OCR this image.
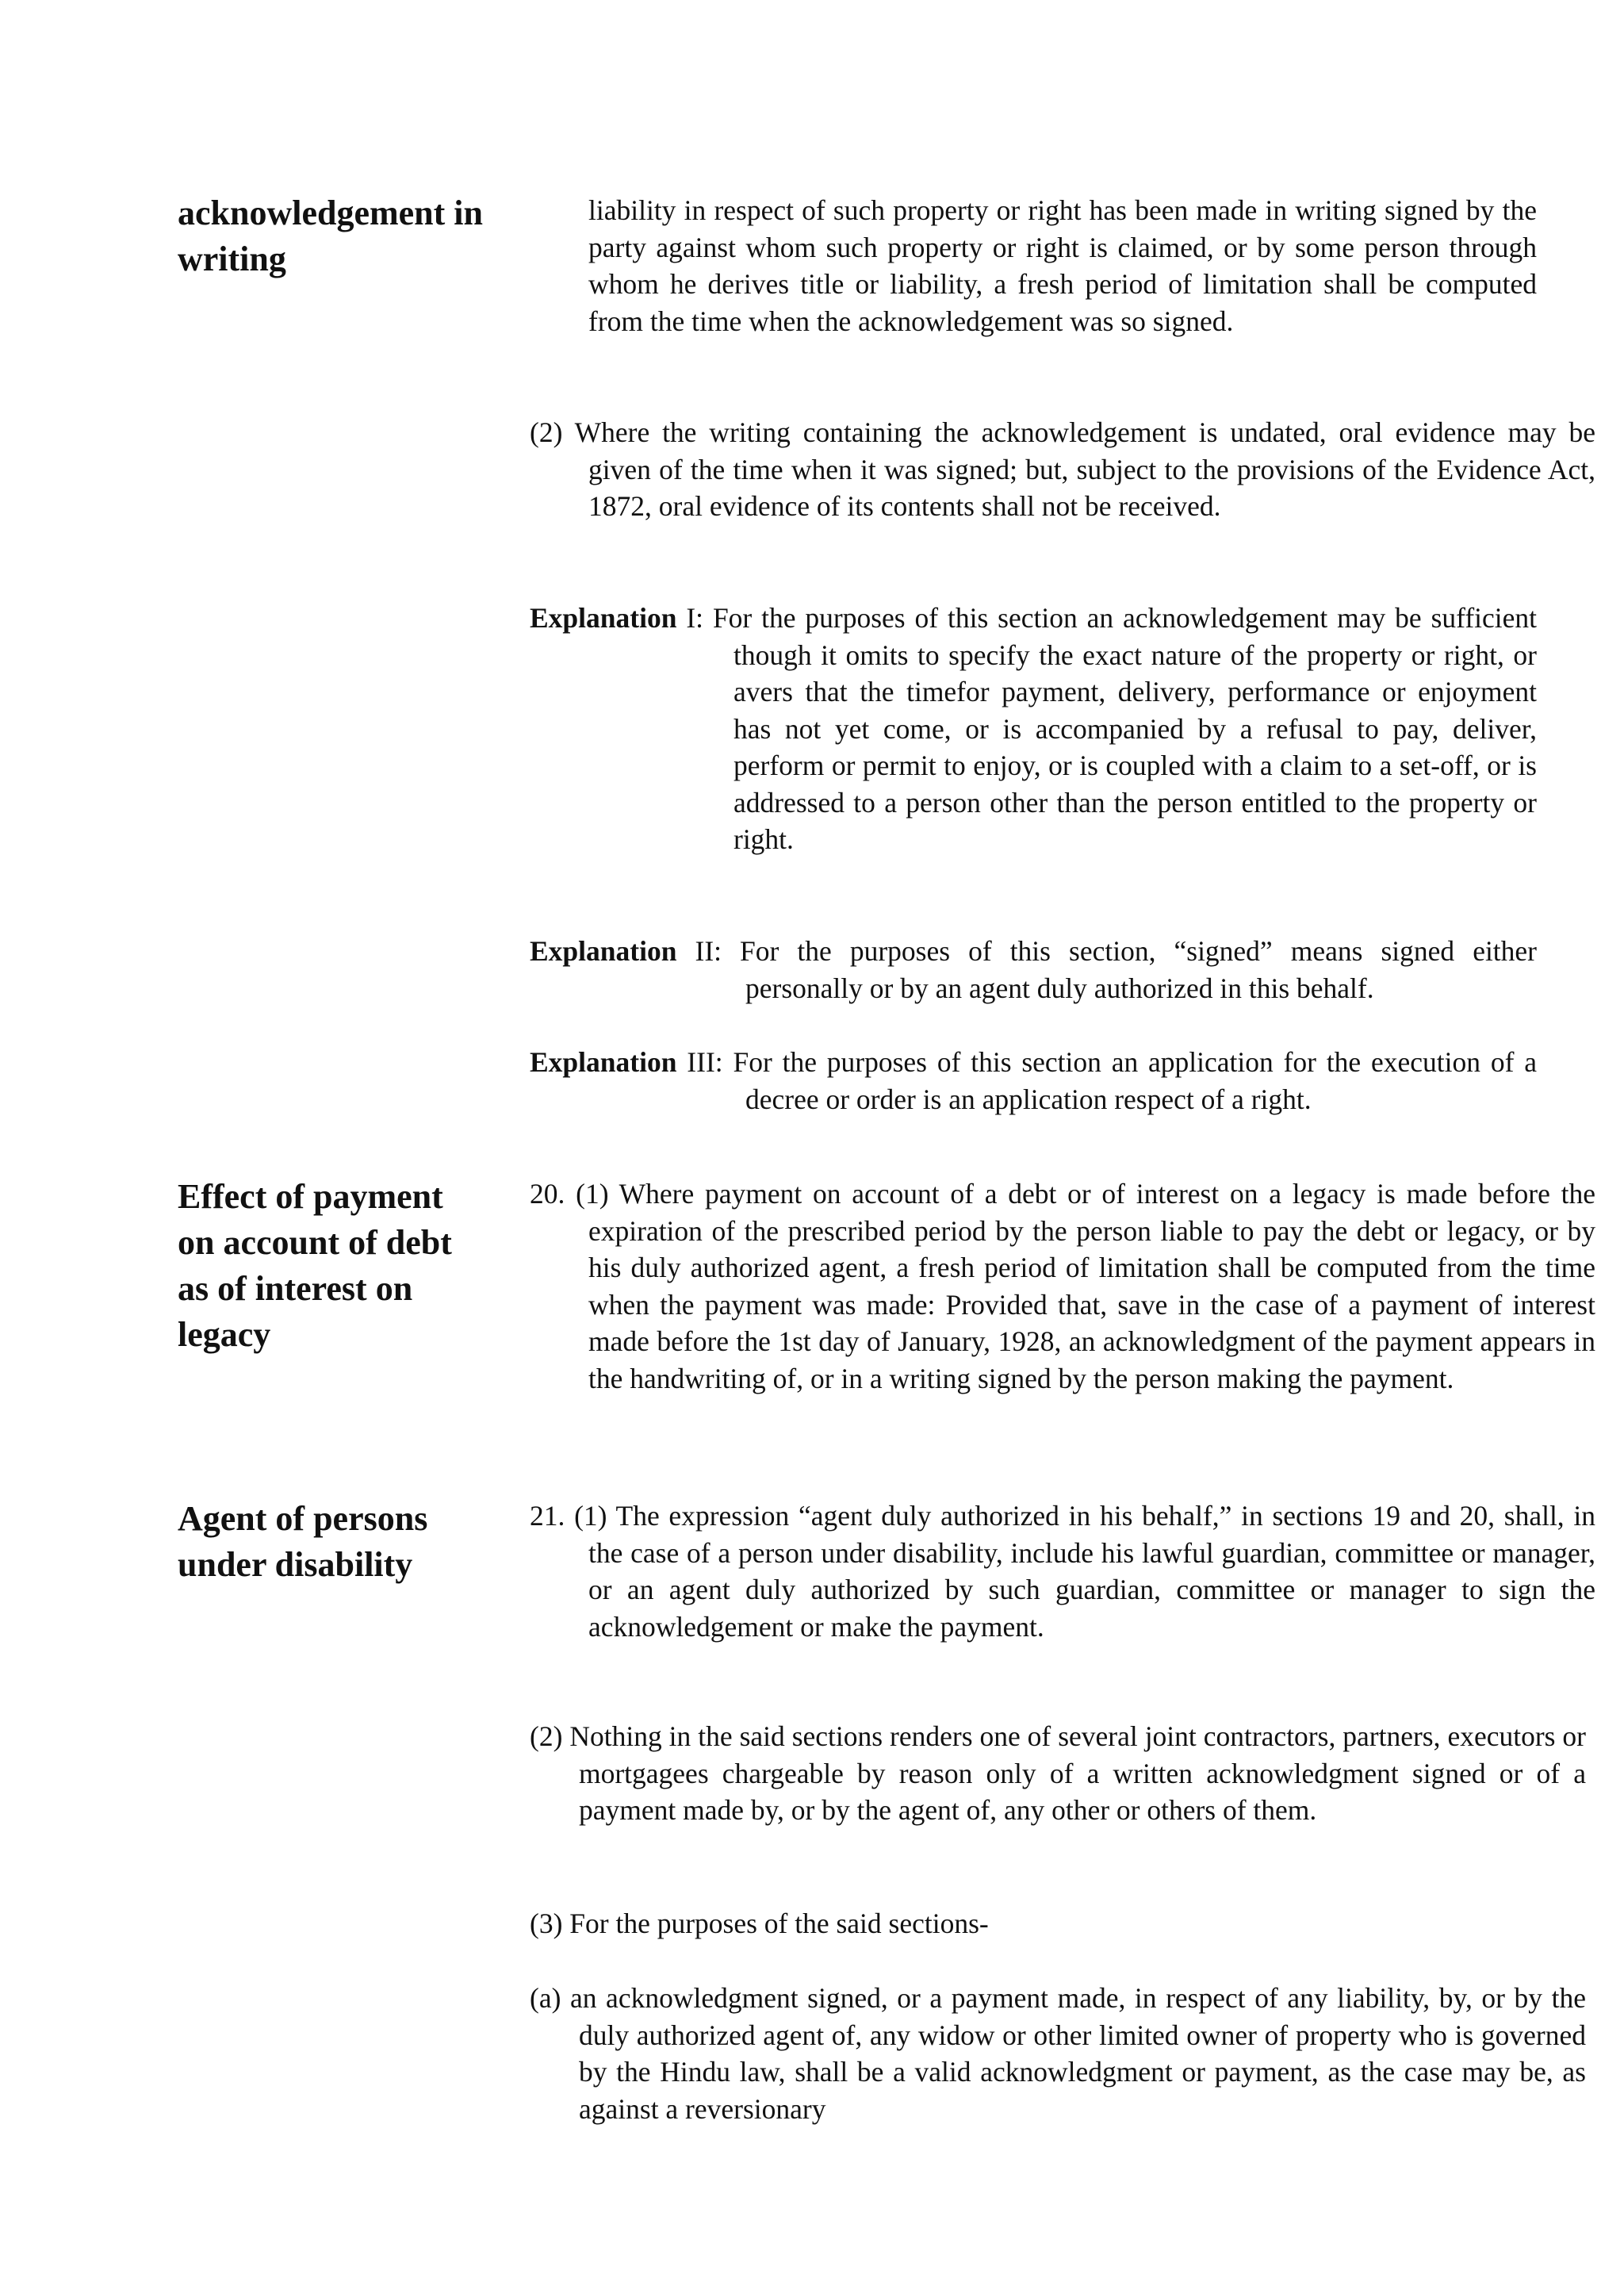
acknowledgement in writing
Effect of payment on account of debt as of interest on legacy
Agent of persons under disability
liability in respect of such property or right has been made in writing signed by the party against whom such property or right is claimed, or by some person through whom he derives title or liability, a fresh period of limitation shall be computed from the time when the acknowledgement was so signed.
(2) Where the writing containing the acknowledgement is undated, oral evidence may be given of the time when it was signed; but, subject to the provisions of the Evidence Act, 1872, oral evidence of its contents shall not be received.
Explanation I: For the purposes of this section an acknowledgement may be sufficient though it omits to specify the exact nature of the property or right, or avers that the timefor payment, delivery, performance or enjoyment has not yet come, or is accompanied by a refusal to pay, deliver, perform or permit to enjoy, or is coupled with a claim to a set-off, or is addressed to a person other than the person entitled to the property or right.
Explanation II: For the purposes of this section, “signed” means signed either personally or by an agent duly authorized in this behalf.
Explanation III: For the purposes of this section an application for the execution of a decree or order is an application respect of a right.
20. (1) Where payment on account of a debt or of interest on a legacy is made before the expiration of the prescribed period by the person liable to pay the debt or legacy, or by his duly authorized agent, a fresh period of limitation shall be computed from the time when the payment was made: Provided that, save in the case of a payment of interest made before the 1st day of January, 1928, an acknowledgment of the payment appears in the handwriting of, or in a writing signed by the person making the payment.
21. (1) The expression “agent duly authorized in his behalf,” in sections 19 and 20, shall, in the case of a person under disability, include his lawful guardian, committee or manager, or an agent duly authorized by such guardian, committee or manager to sign the acknowledgement or make the payment.
(2) Nothing in the said sections renders one of several joint contractors, partners, executors or mortgagees chargeable by reason only of a written acknowledgment signed or of a payment made by, or by the agent of, any other or others of them.
(3) For the purposes of the said sections-
(a) an acknowledgment signed, or a payment made, in respect of any liability, by, or by the duly authorized agent of, any widow or other limited owner of property who is governed by the Hindu law, shall be a valid acknowledgment or payment, as the case may be, as against a reversionary
